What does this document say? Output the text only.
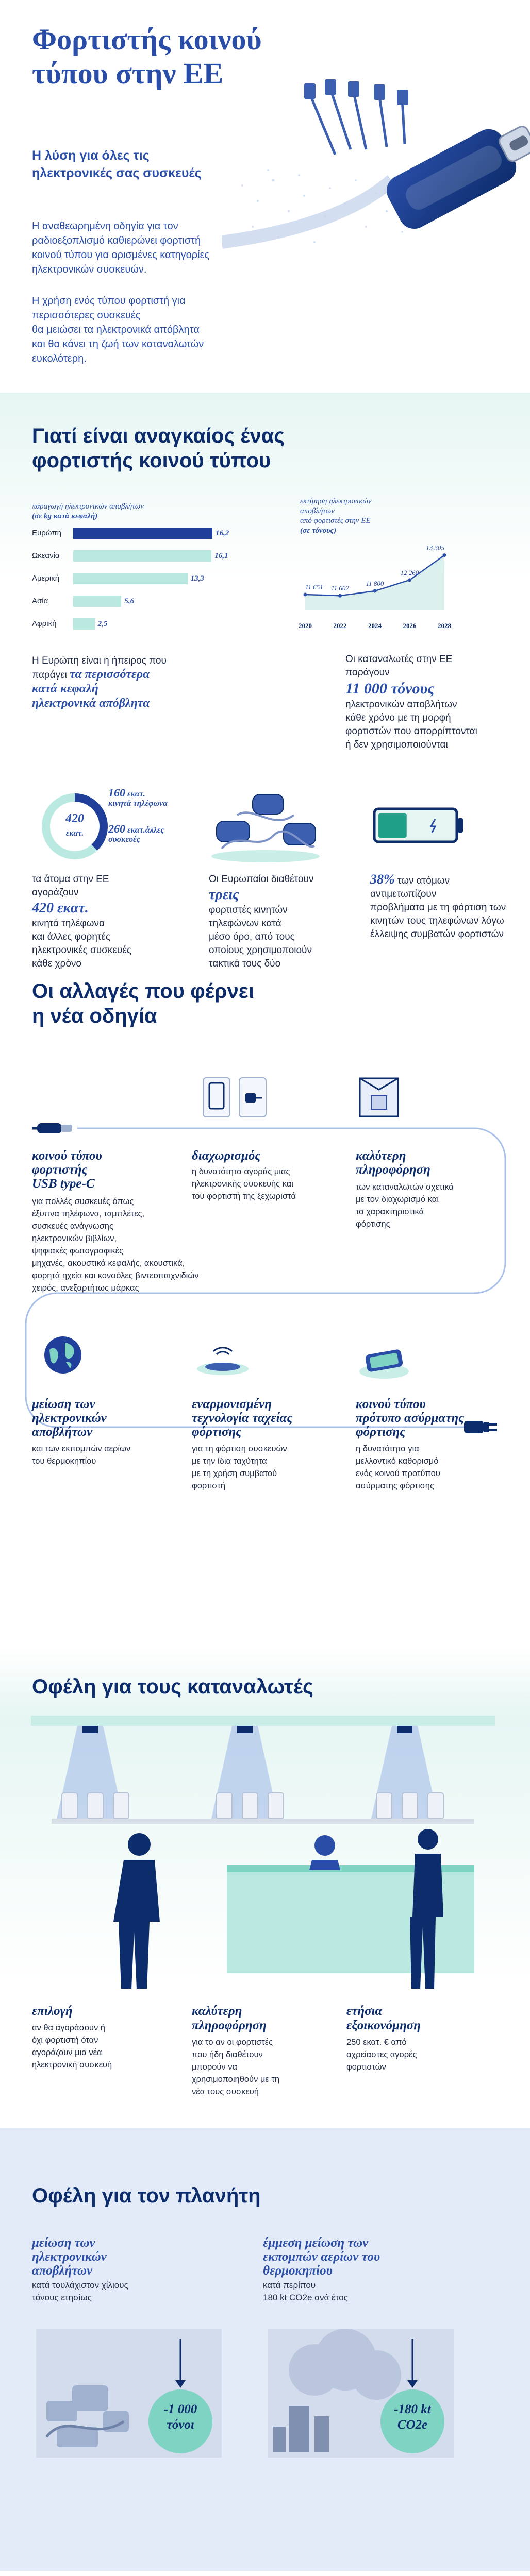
Φορτιστής κοινού
τύπου στην ΕΕ
Η λύση για όλες τις
ηλεκτρονικές σας συσκευές
Η αναθεωρημένη οδηγία για τον
ραδιοεξοπλισμό καθιερώνει φορτιστή
κοινού τύπου για ορισμένες κατηγορίες
ηλεκτρονικών συσκευών.
Η χρήση ενός τύπου φορτιστή για
περισσότερες συσκευές
θα μειώσει τα ηλεκτρονικά απόβλητα
και θα κάνει τη ζωή των καταναλωτών
ευκολότερη.
Γιατί είναι αναγκαίος ένας
φορτιστής κοινού τύπου
παραγωγή ηλεκτρονικών αποβλήτων
(σε kg κατά κεφαλή)
Ευρώπη	16,2
Ωκεανία	16,1
Αμερική	13,3
Ασία	5,6
Αφρική	2,5
Η Ευρώπη είναι η ήπειρος που
παράγει τα περισσότερα
κατά κεφαλή
ηλεκτρονικά απόβλητα
εκτίμηση ηλεκτρονικών
αποβλήτων
από φορτιστές στην ΕΕ
(σε τόνους)
11 651
2020
11 602
2022
11 800
2024
12 260
2026
13 305
2028
Οι καταναλωτές στην ΕΕ
παράγουν
11 000 τόνους
ηλεκτρονικών αποβλήτων
κάθε χρόνο με τη μορφή
φορτιστών που απορρίπτονται
ή δεν χρησιμοποιούνται
420
εκατ.
160 εκατ.
κινητά τηλέφωνα
260 εκατ.άλλες
συσκευές
τα άτομα στην ΕΕ
αγοράζουν
420 εκατ.
κινητά τηλέφωνα
και άλλες φορητές
ηλεκτρονικές συσκευές
κάθε χρόνο
Οι Ευρωπαίοι διαθέτουν
τρεις
φορτιστές κινητών
τηλεφώνων κατά
μέσο όρο, από τους
οποίους χρησιμοποιούν
τακτικά τους δύο
38% των ατόμων
αντιμετωπίζουν
προβλήματα με τη φόρτιση των
κινητών τους τηλεφώνων λόγω
έλλειψης συμβατών φορτιστών
Οι αλλαγές που φέρνει
η νέα οδηγία
κοινού τύπου
φορτιστής
USB type-C
για πολλές συσκευές όπως
έξυπνα τηλέφωνα, ταμπλέτες,
συσκευές ανάγνωσης
ηλεκτρονικών βιβλίων,
ψηφιακές φωτογραφικές
μηχανές, ακουστικά κεφαλής, ακουστικά,
φορητά ηχεία και κονσόλες βιντεοπαιχνιδιών
χειρός, ανεξαρτήτως μάρκας
διαχωρισμός
η δυνατότητα αγοράς μιας
ηλεκτρονικής συσκευής και
του φορτιστή της ξεχωριστά
καλύτερη
πληροφόρηση
των καταναλωτών σχετικά
με τον διαχωρισμό και
τα χαρακτηριστικά
φόρτισης
μείωση των
ηλεκτρονικών
αποβλήτων
και των εκπομπών αερίων
του θερμοκηπίου
εναρμονισμένη
τεχνολογία ταχείας
φόρτισης
για τη φόρτιση συσκευών
με την ίδια ταχύτητα
με τη χρήση συμβατού
φορτιστή
κοινού τύπου
πρότυπο ασύρματης
φόρτισης
η δυνατότητα για
μελλοντικό καθορισμό
ενός κοινού προτύπου
ασύρματης φόρτισης
Οφέλη για τους καταναλωτές
επιλογή
αν θα αγοράσουν ή
όχι φορτιστή όταν
αγοράζουν μια νέα
ηλεκτρονική συσκευή
καλύτερη
πληροφόρηση
για το αν οι φορτιστές
που ήδη διαθέτουν
μπορούν να
χρησιμοποιηθούν με τη
νέα τους συσκευή
ετήσια
εξοικονόμηση
250 εκατ. € από
αχρείαστες αγορές
φορτιστών
Οφέλη για τον πλανήτη
μείωση των
ηλεκτρονικών
αποβλήτων
κατά τουλάχιστον χίλιους
τόνους ετησίως
-1 000
τόνοι
έμμεση μείωση των
εκπομπών αερίων του
θερμοκηπίου
κατά περίπου
180 kt CO2e ανά έτος
-180 kt
CO2e
